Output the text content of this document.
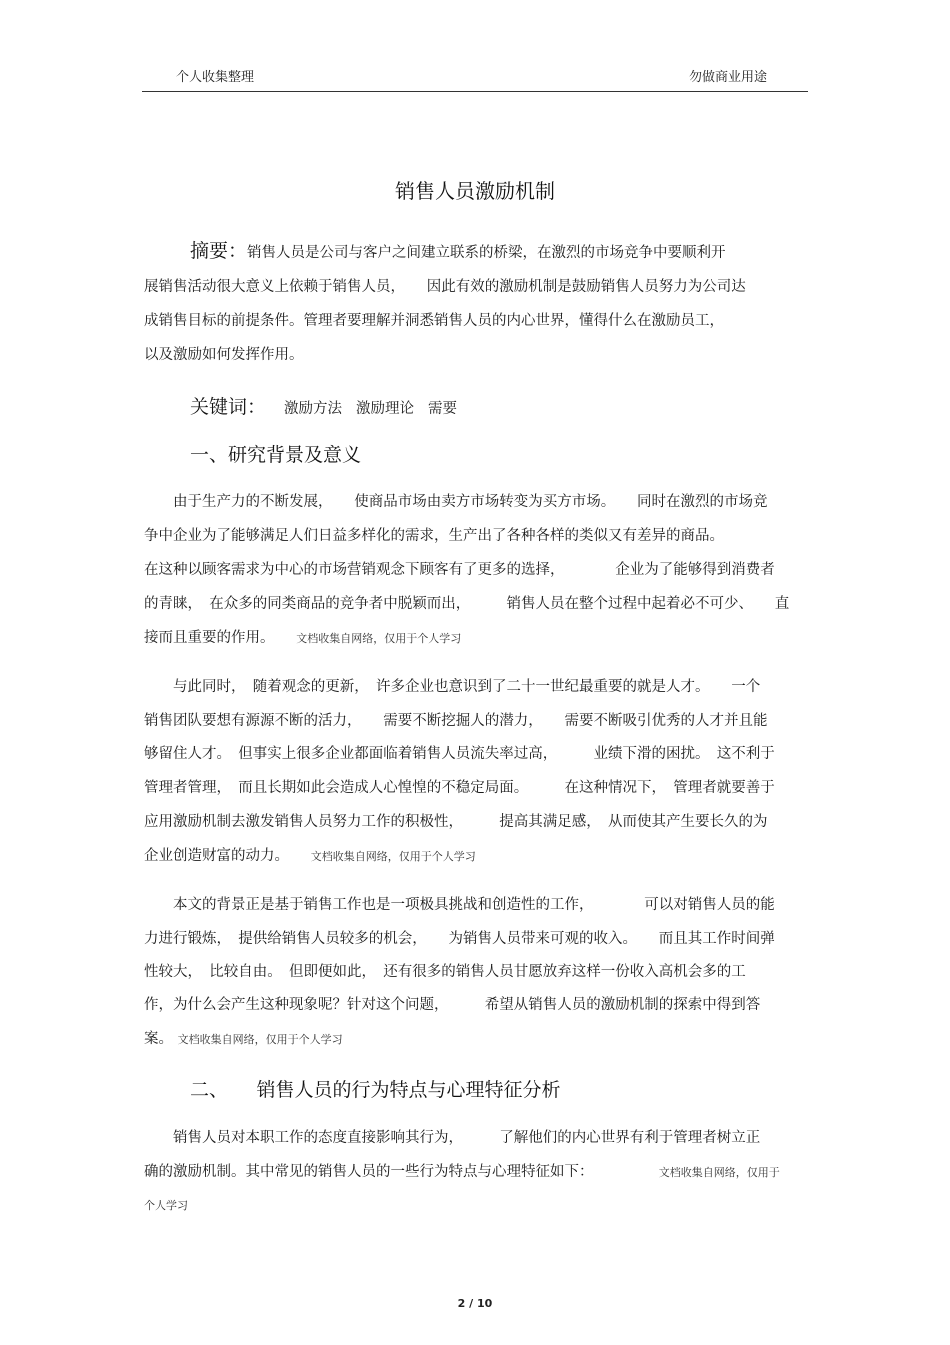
个人收集整理	勿做商业用途
销售人员激励机制
摘要：销售人员是公司与客户之间建立联系的桥梁，在激烈的市场竞争中要顺利开
展销售活动很大意义上依赖于销售人员，　　因此有效的激励机制是鼓励销售人员努力为公司达
成销售目标的前提条件。管理者要理解并洞悉销售人员的内心世界，懂得什么在激励员工，
以及激励如何发挥作用。
关键词： 激励方法 激励理论 需要
一、研究背景及意义
　　由于生产力的不断发展，　　使商品市场由卖方市场转变为买方市场。　　同时在激烈的市场竞
争中企业为了能够满足人们日益多样化的需求，生产出了各种各样的类似又有差异的商品。
在这种以顾客需求为中心的市场营销观念下顾客有了更多的选择，　　　　企业为了能够得到消费者
的青睐，　在众多的同类商品的竞争者中脱颖而出，　　　销售人员在整个过程中起着必不可少、　　直
接而且重要的作用。　　	文档收集自网络，仅用于个人学习
　　与此同时，　随着观念的更新，　许多企业也意识到了二十一世纪最重要的就是人才。　　一个
销售团队要想有源源不断的活力，　　需要不断挖掘人的潜力，　　需要不断吸引优秀的人才并且能
够留住人才。　但事实上很多企业都面临着销售人员流失率过高，　　　业绩下滑的困扰。　这不利于
管理者管理，　而且长期如此会造成人心惶惶的不稳定局面。　　　在这种情况下，　管理者就要善于
应用激励机制去激发销售人员努力工作的积极性，　　　提高其满足感，　从而使其产生要长久的为
企业创造财富的动力。　　	文档收集自网络，仅用于个人学习
　　本文的背景正是基于销售工作也是一项极具挑战和创造性的工作，　　　　可以对销售人员的能
力进行锻炼，　提供给销售人员较多的机会，　　为销售人员带来可观的收入。　　而且其工作时间弹
性较大，　比较自由。　但即便如此，　还有很多的销售人员甘愿放弃这样一份收入高机会多的工
作，为什么会产生这种现象呢？针对这个问题，　　　希望从销售人员的激励机制的探索中得到答
案。 文档收集自网络，仅用于个人学习
二、　　销售人员的行为特点与心理特征分析
　　销售人员对本职工作的态度直接影响其行为，　　　了解他们的内心世界有利于管理者树立正
确的激励机制。其中常见的销售人员的一些行为特点与心理特征如下：　　　　　	文档收集自网络，仅用于
个人学习
2 / 10
